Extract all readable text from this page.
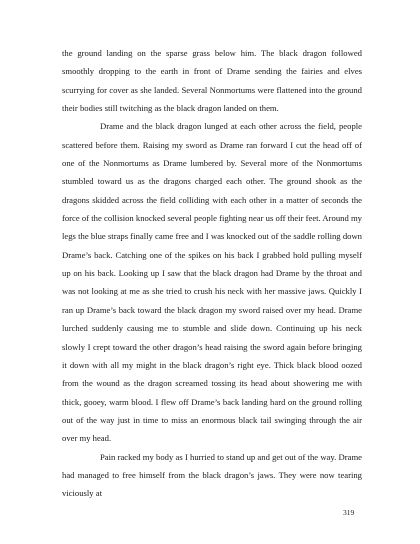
the ground landing on the sparse grass below him. The black dragon followed smoothly dropping to the earth in front of Drame sending the fairies and elves scurrying for cover as she landed. Several Nonmortums were flattened into the ground their bodies still twitching as the black dragon landed on them.

Drame and the black dragon lunged at each other across the field, people scattered before them. Raising my sword as Drame ran forward I cut the head off of one of the Nonmortums as Drame lumbered by. Several more of the Nonmortums stumbled toward us as the dragons charged each other. The ground shook as the dragons skidded across the field colliding with each other in a matter of seconds the force of the collision knocked several people fighting near us off their feet. Around my legs the blue straps finally came free and I was knocked out of the saddle rolling down Drame’s back. Catching one of the spikes on his back I grabbed hold pulling myself up on his back. Looking up I saw that the black dragon had Drame by the throat and was not looking at me as she tried to crush his neck with her massive jaws. Quickly I ran up Drame’s back toward the black dragon my sword raised over my head. Drame lurched suddenly causing me to stumble and slide down. Continuing up his neck slowly I crept toward the other dragon’s head raising the sword again before bringing it down with all my might in the black dragon’s right eye. Thick black blood oozed from the wound as the dragon screamed tossing its head about showering me with thick, gooey, warm blood. I flew off Drame’s back landing hard on the ground rolling out of the way just in time to miss an enormous black tail swinging through the air over my head.

Pain racked my body as I hurried to stand up and get out of the way. Drame had managed to free himself from the black dragon’s jaws. They were now tearing viciously at

319
